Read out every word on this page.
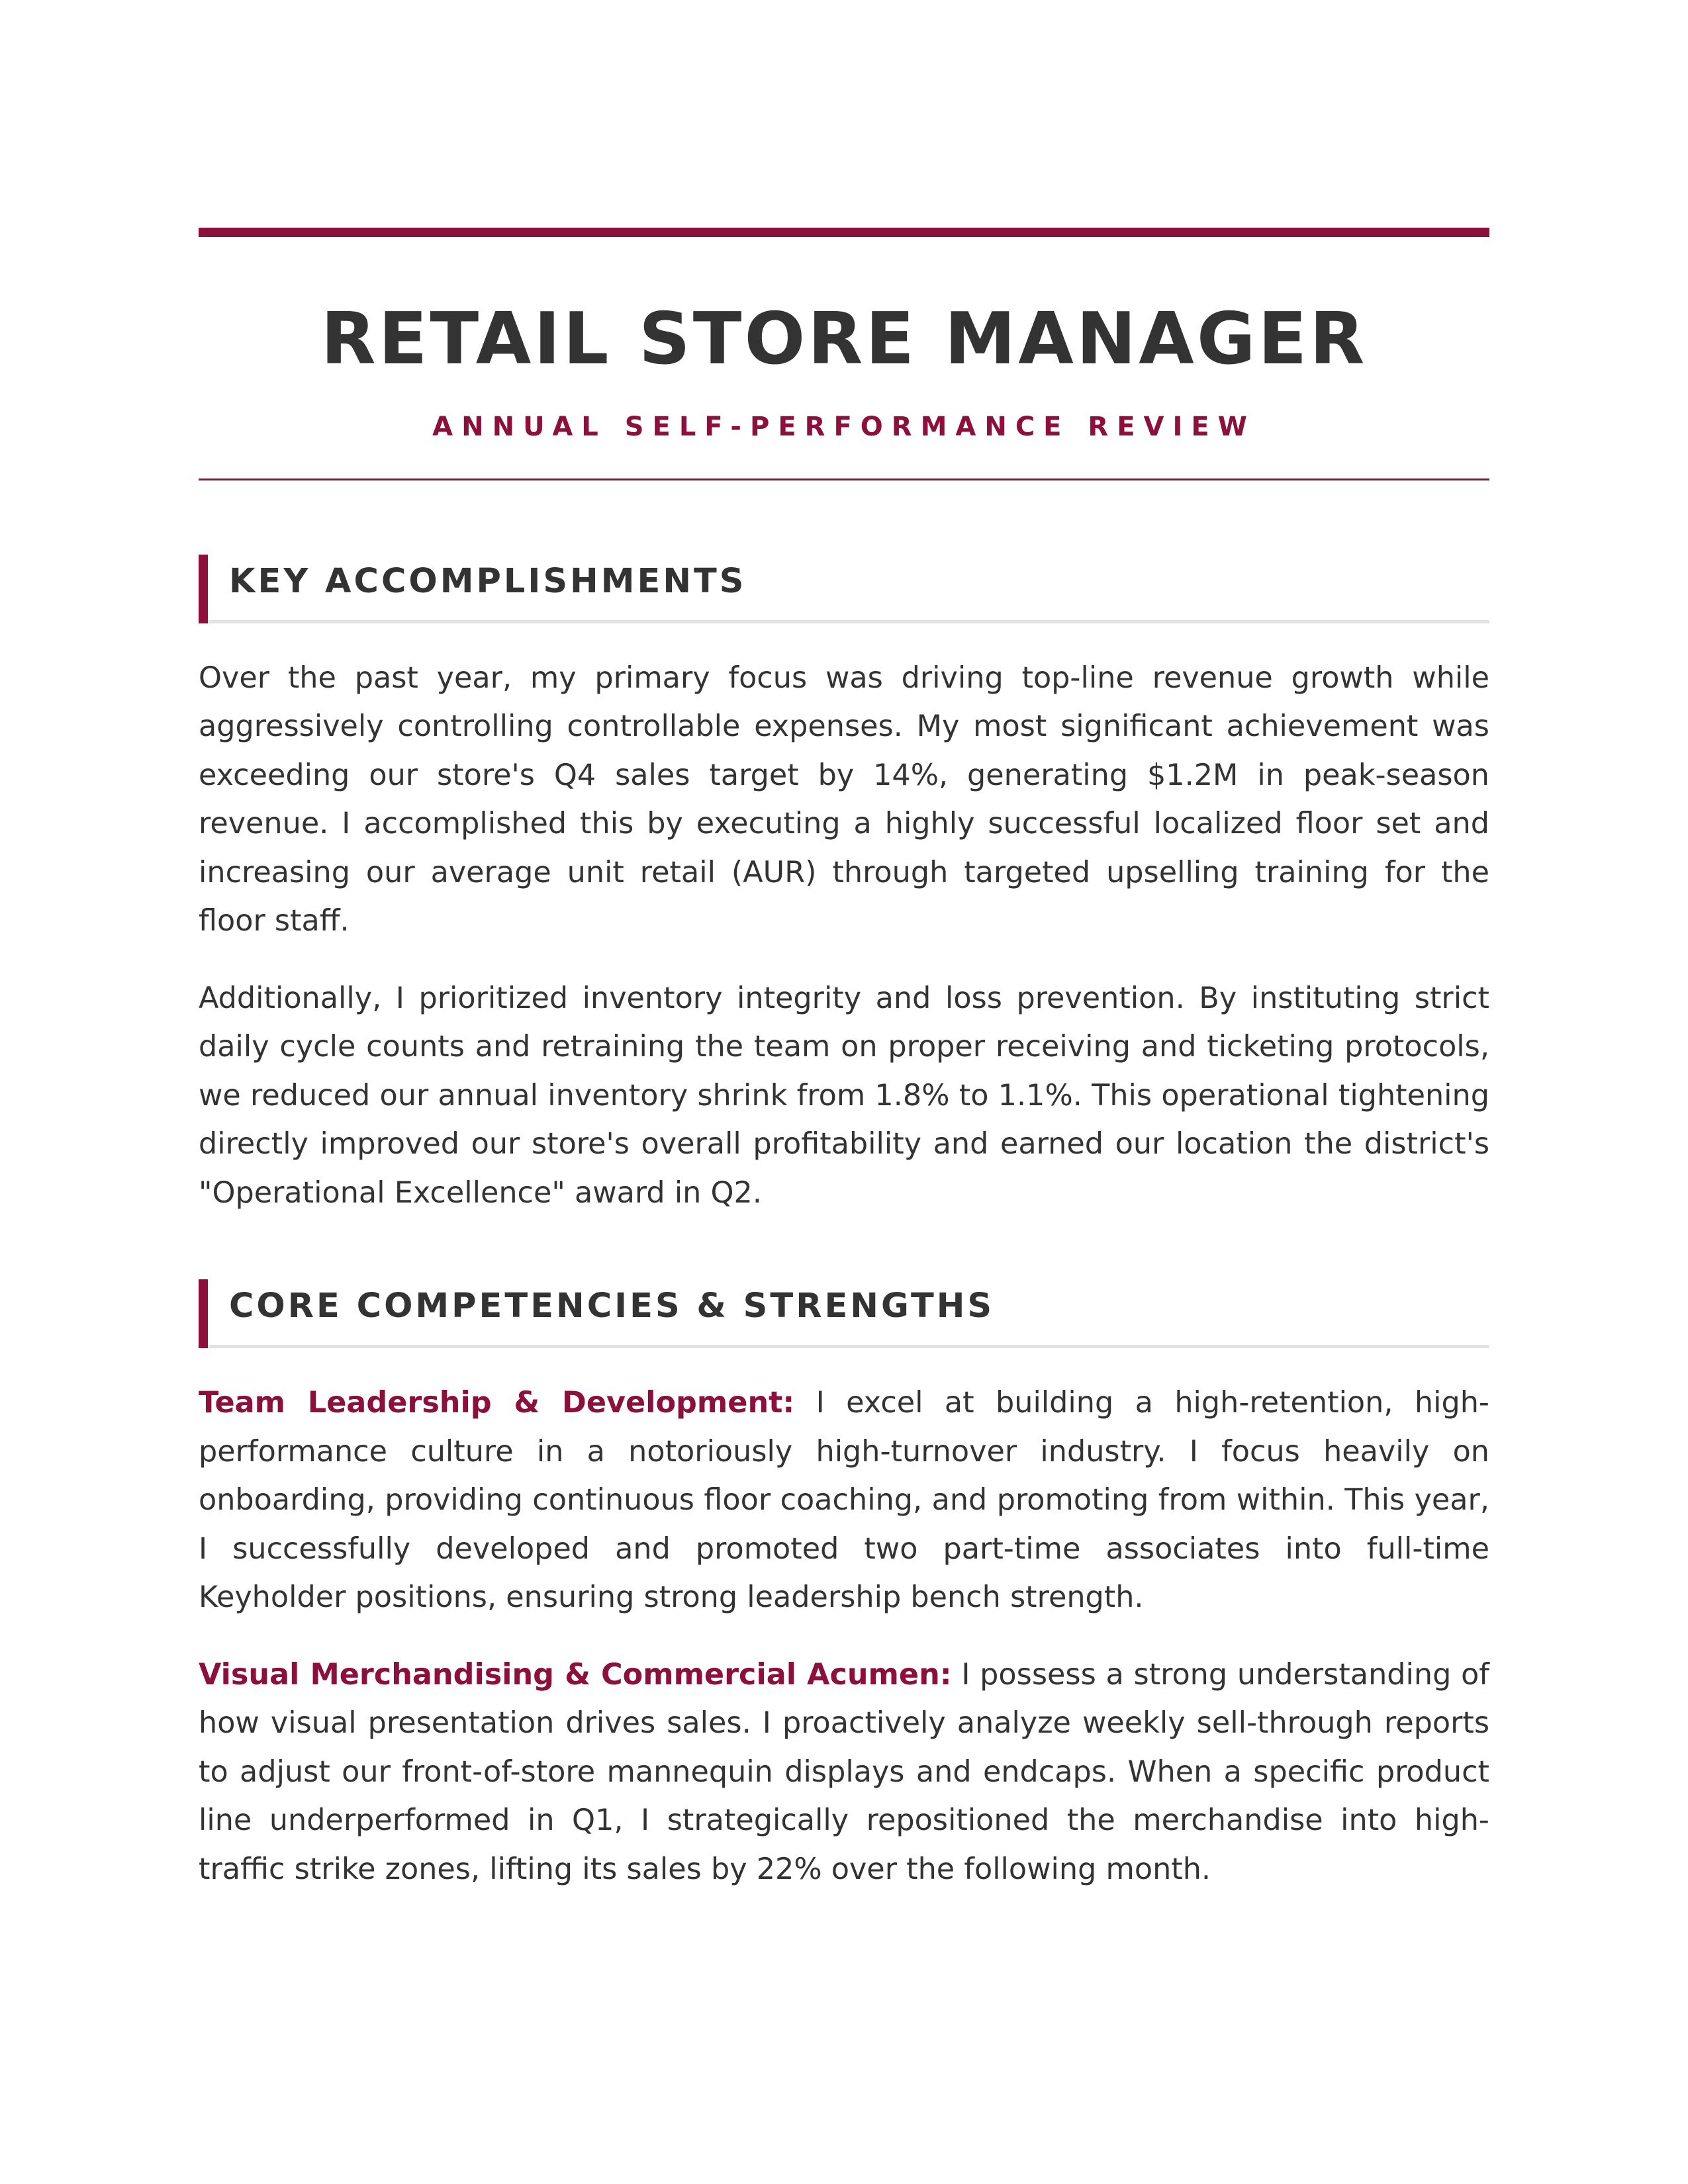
RETAIL STORE MANAGER
ANNUAL SELF-PERFORMANCE REVIEW
KEY ACCOMPLISHMENTS

Over the past year, my primary focus was driving top-line revenue growth while aggressively controlling controllable expenses. My most significant achievement was exceeding our store's Q4 sales target by 14%, generating $1.2M in peak-season revenue. I accomplished this by executing a highly successful localized floor set and increasing our average unit retail (AUR) through targeted upselling training for the floor staff.

Additionally, I prioritized inventory integrity and loss prevention. By instituting strict daily cycle counts and retraining the team on proper receiving and ticketing protocols, we reduced our annual inventory shrink from 1.8% to 1.1%. This operational tightening directly improved our store's overall profitability and earned our location the district's "Operational Excellence" award in Q2.

CORE COMPETENCIES & STRENGTHS

Team Leadership & Development: I excel at building a high-retention, high-performance culture in a notoriously high-turnover industry. I focus heavily on onboarding, providing continuous floor coaching, and promoting from within. This year, I successfully developed and promoted two part-time associates into full-time Keyholder positions, ensuring strong leadership bench strength.

Visual Merchandising & Commercial Acumen: I possess a strong understanding of how visual presentation drives sales. I proactively analyze weekly sell-through reports to adjust our front-of-store mannequin displays and endcaps. When a specific product line underperformed in Q1, I strategically repositioned the merchandise into high-traffic strike zones, lifting its sales by 22% over the following month.
